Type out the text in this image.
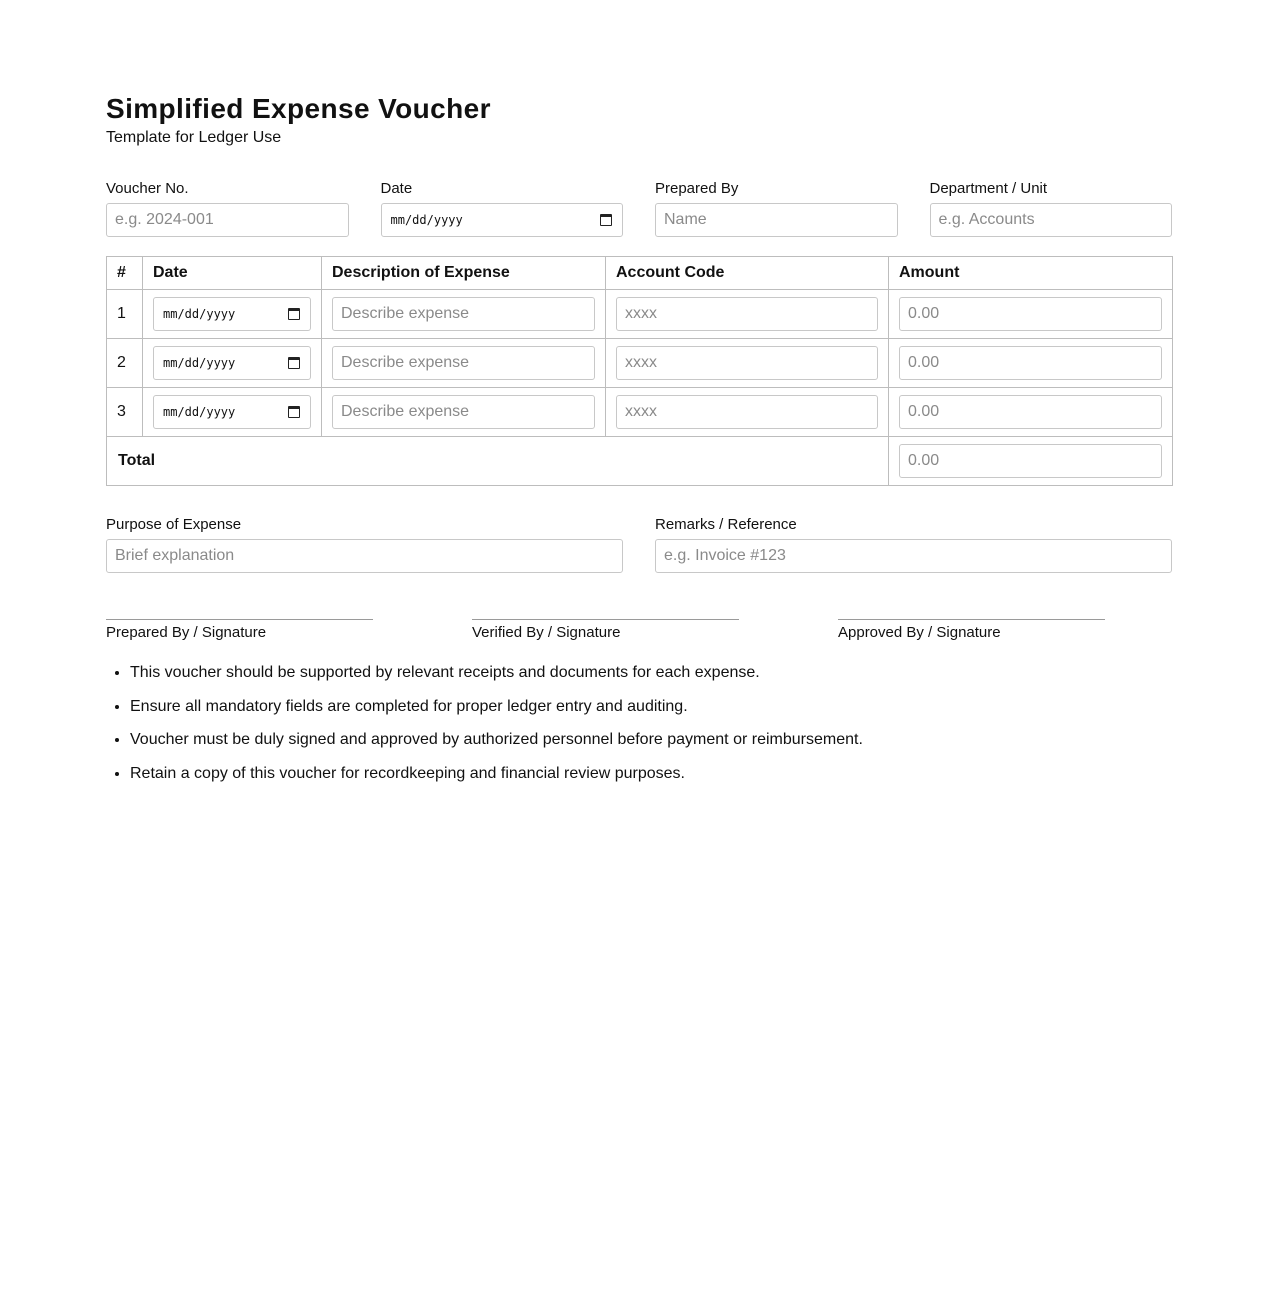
Simplified Expense Voucher
Template for Ledger Use
Voucher No.
e.g. 2024-001
Date
mm/dd/yyyy
Prepared By
Name
Department / Unit
e.g. Accounts
#	Date	Description of Expense	Account Code	Amount
1	mm/dd/yyyy	Describe expense	xxxx	0.00

2	mm/dd/yyyy	Describe expense	xxxx	0.00

3	mm/dd/yyyy	Describe expense	xxxx	0.00

Total				0.00
Purpose of Expense
Brief explanation
Remarks / Reference
e.g. Invoice #123
Prepared By / Signature	Verified By / Signature	Approved By / Signature
• This voucher should be supported by relevant receipts and documents for each expense.
• Ensure all mandatory fields are completed for proper ledger entry and auditing.
• Voucher must be duly signed and approved by authorized personnel before payment or reimbursement.
• Retain a copy of this voucher for recordkeeping and financial review purposes.
